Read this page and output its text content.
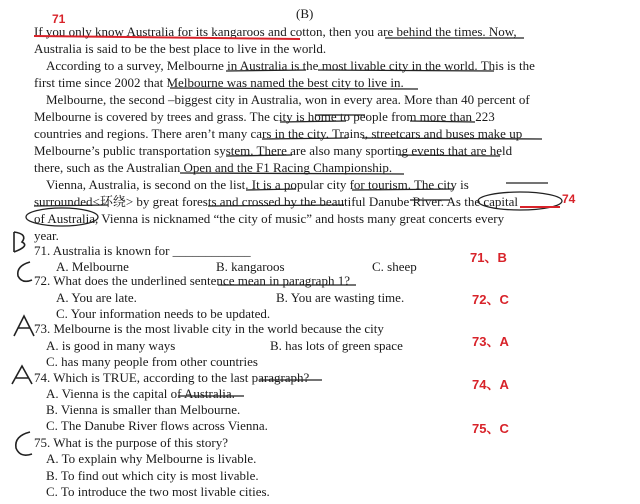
(B)
If you only know Australia for its kangaroos and cotton, then you are behind the times. Now,
Australia is said to be the best place to live in the world.
According to a survey, Melbourne in Australia is the most livable city in the world. This is the
first time since 2002 that Melbourne was named the best city to live in.
Melbourne, the second –biggest city in Australia, won in every area. More than 40 percent of
Melbourne is covered by trees and grass. The city is home to people from more than 223
countries and regions. There aren’t many cars in the city. Trains, streetcars and buses make up
Melbourne’s public transportation system. There are also many sporting events that are held
there, such as the Australian Open and the F1 Racing Championship.
Vienna, Australia, is second on the list. It is a popular city for tourism. The city is
surrounded<环绕> by great forests and crossed by the beautiful Danube River. As the capital
of Australia, Vienna is nicknamed “the city of music” and hosts many great concerts every
year.
71. Australia is known for ____________
A. Melbourne	B. kangaroos	C. sheep
71、B
72. What does the underlined sentence mean in paragraph 1?
A. You are late.	B. You are wasting time.
C. Your information needs to be updated.
72、C
73. Melbourne is the most livable city in the world because the city
A. is good in many ways	B. has lots of green space
C. has many people from other countries
73、A
74. Which is TRUE, according to the last paragraph?
A. Vienna is the capital of Australia.
B. Vienna is smaller than Melbourne.
C. The Danube River flows across Vienna.
74、A
75. What is the purpose of this story?
A. To explain why Melbourne is livable.
B. To find out which city is most livable.
C. To introduce the two most livable cities.
75、C
71
74
